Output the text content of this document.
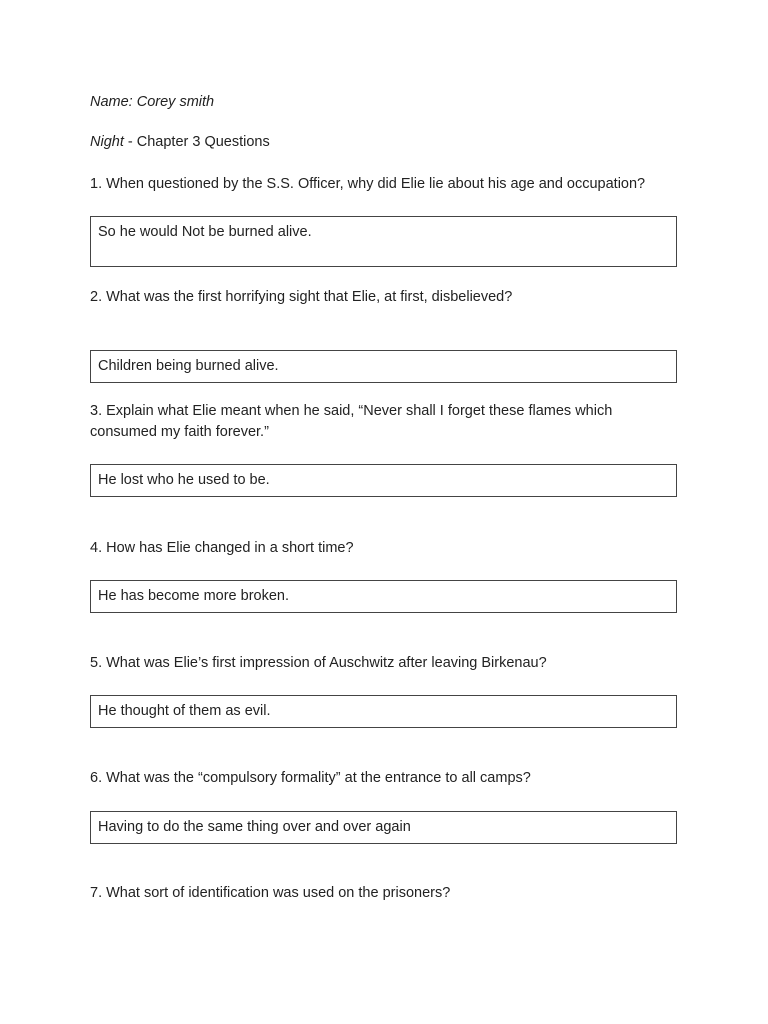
Name: Corey smith
Night - Chapter 3 Questions
1. When questioned by the S.S. Officer, why did Elie lie about his age and occupation?
So he would Not be burned alive.
2. What was the first horrifying sight that Elie, at first, disbelieved?
Children being burned alive.
3. Explain what Elie meant when he said, “Never shall I forget these flames which consumed my faith forever.”
He lost who he used to be.
4. How has Elie changed in a short time?
He has become more broken.
5. What was Elie’s first impression of Auschwitz after leaving Birkenau?
He thought of them as evil.
6. What was the “compulsory formality” at the entrance to all camps?
Having to do the same thing over and over again
7. What sort of identification was used on the prisoners?
